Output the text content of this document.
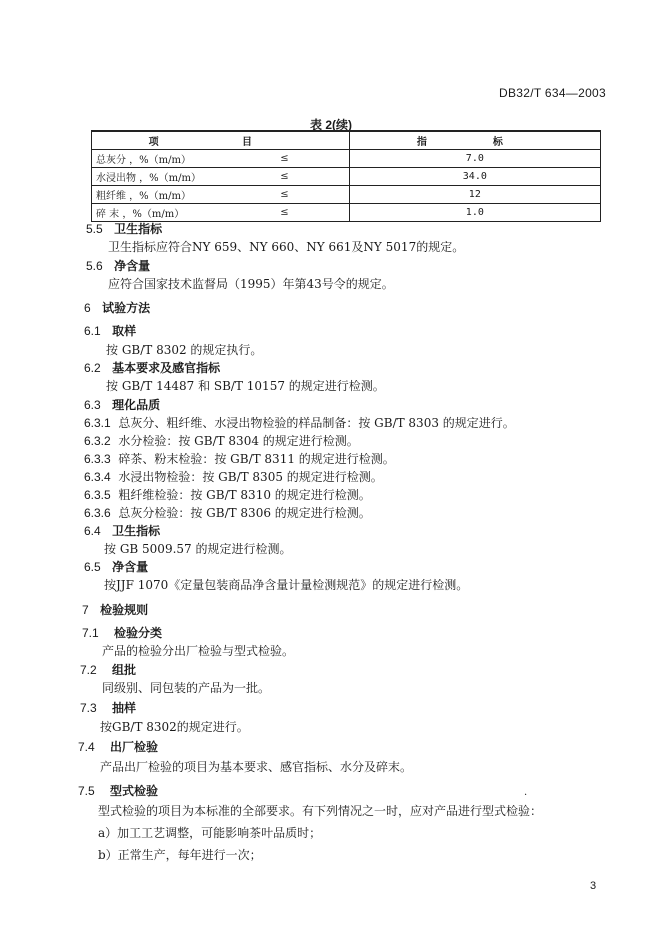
DB32/T 634—2003
表 2(续)
项 目		指 标
总灰分 ，%（m/m）	≤	7.0
水浸出物 ，%（m/m）	≤	34.0
粗纤维 ，%（m/m）	≤	12
碎 末 ，%（m/m）	≤	1.0
5.5 卫生指标
卫生指标应符合NY 659、NY 660、NY 661及NY 5017的规定。
5.6 净含量
应符合国家技术监督局（1995）年第43号令的规定。
6 试验方法
6.1 取样
按 GB/T 8302 的规定执行。
6.2 基本要求及感官指标
按 GB/T 14487 和 SB/T 10157 的规定进行检测。
6.3 理化品质
6.3.1 总灰分、粗纤维、水浸出物检验的样品制备：按 GB/T 8303 的规定进行。
6.3.2 水分检验：按 GB/T 8304 的规定进行检测。
6.3.3 碎茶、粉末检验：按 GB/T 8311 的规定进行检测。
6.3.4 水浸出物检验：按 GB/T 8305 的规定进行检测。
6.3.5 粗纤维检验：按 GB/T 8310 的规定进行检测。
6.3.6 总灰分检验：按 GB/T 8306 的规定进行检测。
6.4 卫生指标
按 GB 5009.57 的规定进行检测。
6.5 净含量
按JJF 1070《定量包装商品净含量计量检测规范》的规定进行检测。
7 检验规则
7.1 检验分类
产品的检验分出厂检验与型式检验。
7.2 组批
同级别、同包装的产品为一批。
7.3 抽样
按GB/T 8302的规定进行。
7.4 出厂检验
产品出厂检验的项目为基本要求、感官指标、水分及碎末。
7.5 型式检验	.
型式检验的项目为本标准的全部要求。有下列情况之一时，应对产品进行型式检验：
a）加工工艺调整，可能影响茶叶品质时；
b）正常生产，每年进行一次；
3
